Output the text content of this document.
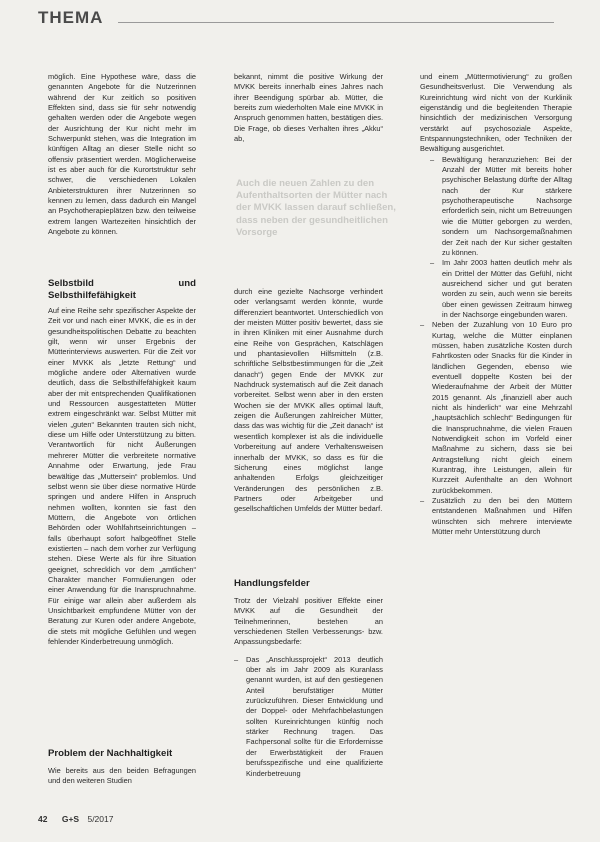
THEMA

möglich. Eine Hypothese wäre, dass die genannten Angebote für die Nutzerinnen während der Kur zeitlich so positiven Effekten sind, dass sie für sehr notwendig gehalten werden oder die Angebote wegen der Ausrichtung der Kur nicht mehr im Schwerpunkt stehen, was die Integration im künftigen Alltag an dieser Stelle nicht so offensiv präsentiert werden. Möglicherweise ist es aber auch für die Kurortstruktur sehr schwer, die verschiedenen Lokalen Anbieterstrukturen ihrer Nutzerinnen so kennen zu lernen, dass dadurch ein Mangel an Psychotherapieplätzen bzw. den teilweise extrem langen Wartezeiten hinsichtlich der Angebote zu können.

Selbstbild und Selbsthilfefähigkeit

Auf eine Reihe sehr spezifischer Aspekte der Zeit vor und nach einer MVKK, die es in der gesundheitspolitischen Debatte zu beachten gilt, wenn wir unser Ergebnis der Mütterinterviews auswerten. Für die Zeit vor einer MVKK als „letzte Rettung“ und mögliche andere oder Alternativen wurde deutlich, dass die Selbsthilfefähigkeit kaum aber der mit entsprechenden Qualifikationen und Ressourcen ausgestatteten Mütter extrem eingeschränkt war. Selbst Mütter mit vielen „guten“ Bekannten trauten sich nicht, diese um Hilfe oder Unterstützung zu bitten. Verantwortlich für nicht Äußerungen mehrerer Mütter die verbreitete normative Annahme oder Erwartung, jede Frau bewältige das „Muttersein“ problemlos. Und selbst wenn sie über diese normative Hürde springen und andere Hilfen in Anspruch nehmen wollten, konnten sie fast den Müttern, die Angebote von örtlichen Behörden oder Wohlfahrtseinrichtungen – falls überhaupt sofort halbgeöffnet Stelle existierten – nach dem vorher zur Verfügung stehen. Diese Werte als für ihre Situation geeignet, schrecklich vor dem „amtlichen“ Charakter mancher Formulierungen oder einer Anwendung für die Inanspruchnahme. Für einige war allein aber außerdem als Unsichtbarkeit empfundene Mütter von der Beratung zur Kuren oder andere Angebote, die stets mit mögliche Gefühlen und wegen fehlender Kinderbetreuung unmöglich.

Problem der Nachhaltigkeit

Wie bereits aus den beiden Befragungen und den weiteren Studien

bekannt, nimmt die positive Wirkung der MVKK bereits innerhalb eines Jahres nach ihrer Beendigung spürbar ab. Mütter, die bereits zum wiederholten Male eine MVKK in Anspruch genommen hatten, bestätigen dies. Die Frage, ob dieses Verhalten ihres „Akku“ ab,

Auch die neuen Zahlen zu den Aufenthaltsorten der Mütter nach der MVKK lassen darauf schließen, dass neben der gesundheitlichen Vorsorge

durch eine gezielte Nachsorge verhindert oder verlangsamt werden könnte, wurde differenziert beantwortet. Unterschiedlich von der meisten Mütter positiv bewertet, dass sie in ihren Kliniken mit einer Ausnahme durch eine Reihe von Gesprächen, Katschlägen und phantasievollen Hilfsmitteln (z.B. schriftliche Selbstbestimmungen für die „Zeit danach“) gegen Ende der MVKK zur Nachdruck systematisch auf die Zeit danach vorbereitet. Selbst wenn aber in den ersten Wochen sie der MVKK alles optimal läuft, zeigen die Äußerungen zahlreicher Mütter, dass das was wichtig für die „Zeit danach“ ist wesentlich komplexer ist als die individuelle Vorbereitung auf andere Verhaltensweisen innerhalb der MVKK, so dass es für die Sicherung eines möglichst lange anhaltenden Erfolgs gleichzeitiger Veränderungen des persönlichen z.B. Partners oder Arbeitgeber und gesellschaftlichen Umfelds der Mütter bedarf.

Handlungsfelder

Trotz der Vielzahl positiver Effekte einer MVKK auf die Gesundheit der Teilnehmerinnen, bestehen an verschiedenen Stellen Verbesserungs- bzw. Anpassungsbedarfe:

– Das „Anschlussprojekt“ 2013 deutlich über als im Jahr 2009 als Kuranlass genannt wurden, ist auf den gestiegenen Anteil berufstätiger Mütter zurückzuführen. Dieser Entwicklung und der Doppel- oder Mehrfachbelastungen sollten Kureinrichtungen künftig noch stärker Rechnung tragen. Das Fachpersonal sollte für die Erfordernisse der Erwerbstätigkeit der Frauen berufsspezifische und eine qualifizierte Kinderbetreuung

und einem „Müttermotivierung“ zu großen Gesundheitsverlust. Die Verwendung als Kureinrichtung wird nicht von der Kurklinik eigenständig und die begleitenden Therapie hinsichtlich der medizinischen Versorgung verstärkt auf psychosoziale Aspekte, Entspannungstechniken, oder Techniken der Bewältigung ausgerichtet.

– Bewältigung heranzuziehen: Bei der Anzahl der Mütter mit bereits hoher psychischer Belastung dürfte der Alltag nach der Kur stärkere psychotherapeutische Nachsorge erforderlich sein, nicht um Betreuungen wie die Mütter geborgen zu werden, sondern um Nachsorgemaßnahmen der Zeit nach der Kur sicher gestalten zu können.

– Im Jahr 2003 hatten deutlich mehr als ein Drittel der Mütter das Gefühl, nicht ausreichend sicher und gut beraten worden zu sein, auch wenn sie bereits über einen gewissen Zeitraum hinweg in der Nachsorge eingebunden waren.

– Neben der Zuzahlung von 10 Euro pro Kurtag, welche die Mütter einplanen müssen, haben zusätzliche Kosten durch Fahrtkosten oder Snacks für die Kinder in ländlichen Gegenden, ebenso wie eventuell doppelte Kosten bei der Wiederaufnahme der Arbeit der Mütter 2015 genannt. Als „finanziell aber auch nicht als hinderlich“ war eine Mehrzahl „hauptsächlich schlecht“ Bedingungen für die Inanspruchnahme, die vielen Frauen Notwendigkeit schon im Vorfeld einer Maßnahme zu sichern, dass sie bei Antragstellung nicht gleich einem Kurantrag, ihre Leistungen, allein für Kurzzeit Aufenthalte an den Wohnort zurückbekommen.

– Zusätzlich zu den bei den Müttern entstandenen Maßnahmen und Hilfen wünschten sich mehrere interviewte Mütter mehr Unterstützung durch

42 G+S 5/2017
